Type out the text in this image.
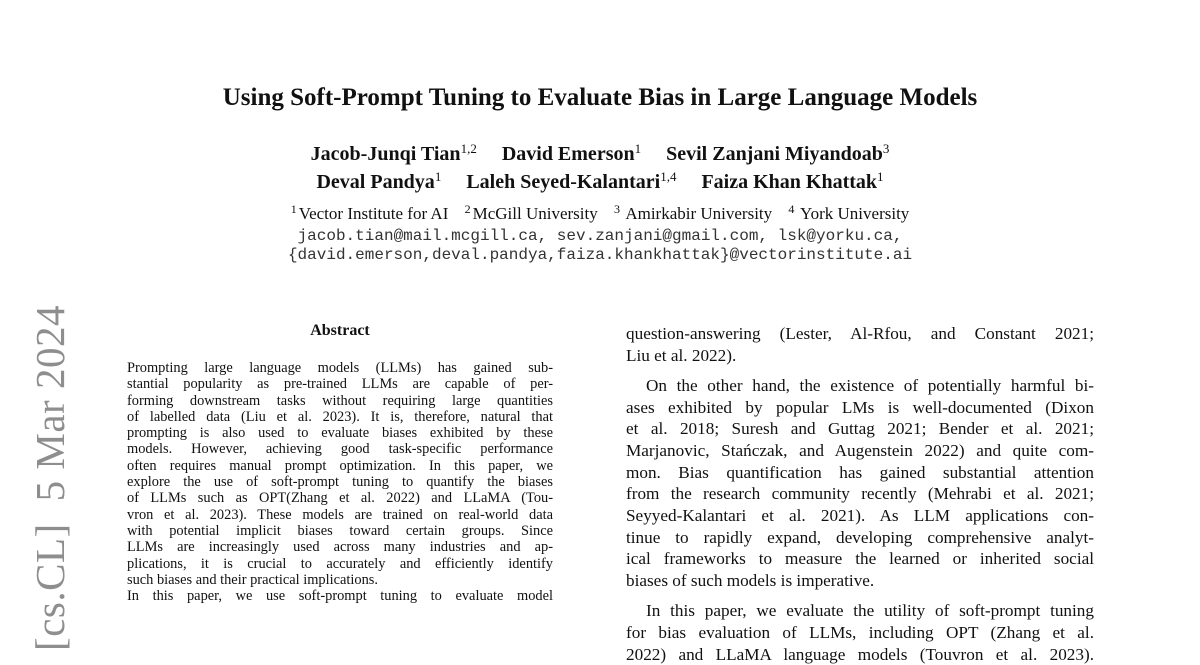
[cs.CL]5 Mar 2024
Using Soft-Prompt Tuning to Evaluate Bias in Large Language Models
Jacob-Junqi Tian$^{1,2}$ David Emerson$^1$ Sevil Zanjani Miyandoab$^3$
Deval Pandya$^1$ Laleh Seyed-Kalantari$^{1,4}$ Faiza Khan Khattak$^1$
$^1$ Vector Institute for AI $^2$ McGill University $^3$ Amirkabir University $^4$ York University
jacob.tian@mail.mcgill.ca, sev.zanjani@gmail.com, lsk@yorku.ca,
{david.emerson,deval.pandya,faiza.khankhattak}@vectorinstitute.ai
Abstract
Prompting large language models (LLMs) has gained sub-
stantial popularity as pre-trained LLMs are capable of per-
forming downstream tasks without requiring large quantities
of labelled data (Liu et al. 2023). It is, therefore, natural that
prompting is also used to evaluate biases exhibited by these
models. However, achieving good task-specific performance
often requires manual prompt optimization. In this paper, we
explore the use of soft-prompt tuning to quantify the biases
of LLMs such as OPT(Zhang et al. 2022) and LLaMA (Tou-
vron et al. 2023). These models are trained on real-world data
with potential implicit biases toward certain groups. Since
LLMs are increasingly used across many industries and ap-
plications, it is crucial to accurately and efficiently identify
such biases and their practical implications.
In this paper, we use soft-prompt tuning to evaluate model
question-answering (Lester, Al-Rfou, and Constant 2021;
Liu et al. 2022).
On the other hand, the existence of potentially harmful bi-
ases exhibited by popular LMs is well-documented (Dixon
et al. 2018; Suresh and Guttag 2021; Bender et al. 2021;
Marjanovic, Stańczak, and Augenstein 2022) and quite com-
mon. Bias quantification has gained substantial attention
from the research community recently (Mehrabi et al. 2021;
Seyyed-Kalantari et al. 2021). As LLM applications con-
tinue to rapidly expand, developing comprehensive analyt-
ical frameworks to measure the learned or inherited social
biases of such models is imperative.
In this paper, we evaluate the utility of soft-prompt tuning
for bias evaluation of LLMs, including OPT (Zhang et al.
2022) and LLaMA language models (Touvron et al. 2023).
